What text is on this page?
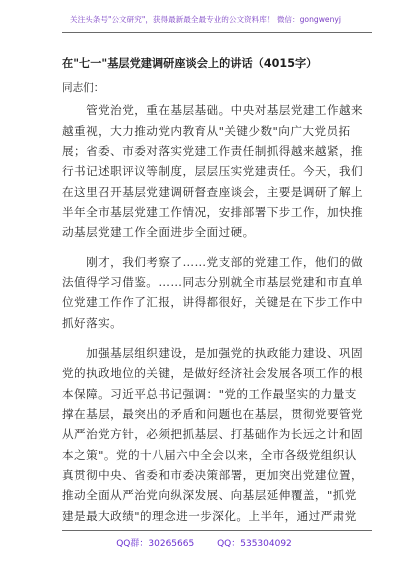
关注头条号"公文研究"，获得最新最全最专业的公文资料库！ 微信：gongwenyj
在"七一"基层党建调研座谈会上的讲话（4015字）
同志们：
　　管党治党，重在基层基础。中央对基层党建工作越来
越重视，大力推动党内教育从"关键少数"向广大党员拓
展；省委、市委对落实党建工作责任制抓得越来越紧，推
行书记述职评议等制度，层层压实党建责任。今天，我们
在这里召开基层党建调研督查座谈会，主要是调研了解上
半年全市基层党建工作情况，安排部署下步工作，加快推
动基层党建工作全面进步全面过硬。
　　刚才，我们考察了……党支部的党建工作，他们的做
法值得学习借鉴。……同志分别就全市基层党建和市直单
位党建工作作了汇报，讲得都很好，关键是在下步工作中
抓好落实。
　　加强基层组织建设，是加强党的执政能力建设、巩固
党的执政地位的关键，是做好经济社会发展各项工作的根
本保障。习近平总书记强调："党的工作最坚实的力量支
撑在基层，最突出的矛盾和问题也在基层，贯彻党要管党
从严治党方针，必须把抓基层、打基础作为长远之计和固
本之策"。党的十八届六中全会以来，全市各级党组织认
真贯彻中央、省委和市委决策部署，更加突出党建位置，
推动全面从严治党向纵深发展、向基层延伸覆盖，"抓党
建是最大政绩"的理念进一步深化。上半年，通过严肃党
QQ群：30265665	QQ：535304092
